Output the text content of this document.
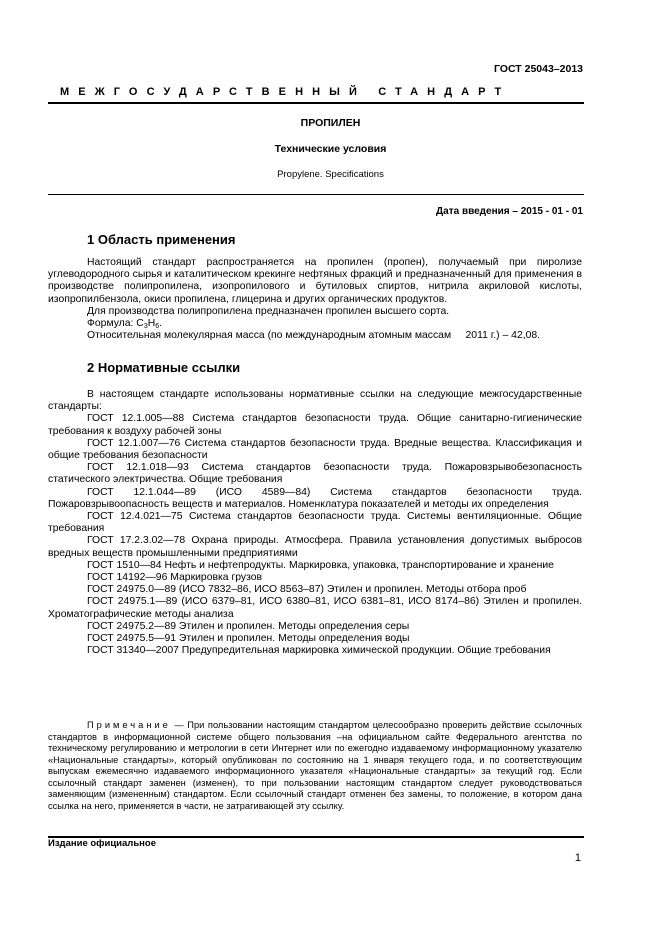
ГОСТ 25043–2013
МЕЖГОСУДАРСТВЕННЫЙ СТАНДАРТ
ПРОПИЛЕН
Технические условия
Propylene. Specifications
Дата введения – 2015 - 01 - 01
1 Область применения

Настоящий стандарт распространяется на пропилен (пропен), получаемый при пиролизе углеводородного сырья и каталитическом крекинге нефтяных фракций и предназначенный для применения в производстве полипропилена, изопропилового и бутиловых спиртов, нитрила акриловой кислоты, изопропилбензола, окиси пропилена, глицерина и других органических продуктов.

Для производства полипропилена предназначен пропилен высшего сорта.

Формула: $C_3H_6$.

Относительная молекулярная масса (по международным атомным массам     2011 г.) – 42,08.

2 Нормативные ссылки

В настоящем стандарте использованы нормативные ссылки на следующие межгосударственные стандарты:

ГОСТ 12.1.005—88 Система стандартов безопасности труда. Общие санитарно-гигиенические требования к воздуху рабочей зоны

ГОСТ 12.1.007—76 Система стандартов безопасности труда. Вредные вещества. Классификация и общие требования безопасности

ГОСТ 12.1.018—93 Система стандартов безопасности труда. Пожаровзрывобезопасность статического электричества. Общие требования

ГОСТ 12.1.044—89 (ИСО 4589—84) Система стандартов безопасности труда. Пожаровзрывоопасность веществ и материалов. Номенклатура показателей и методы их определения

ГОСТ 12.4.021—75 Система стандартов безопасности труда. Системы вентиляционные. Общие требования

ГОСТ 17.2.3.02—78 Охрана природы. Атмосфера. Правила установления допустимых выбросов вредных веществ промышленными предприятиями

ГОСТ 1510—84 Нефть и нефтепродукты. Маркировка, упаковка, транспортирование и хранение

ГОСТ 14192—96 Маркировка грузов

ГОСТ 24975.0—89 (ИСО 7832–86, ИСО 8563–87) Этилен и пропилен. Методы отбора проб

ГОСТ 24975.1—89 (ИСО 6379–81, ИСО 6380–81, ИСО 6381–81, ИСО 8174–86) Этилен и пропилен. Хроматографические методы анализа

ГОСТ 24975.2—89 Этилен и пропилен. Методы определения серы

ГОСТ 24975.5—91 Этилен и пропилен. Методы определения воды

ГОСТ 31340—2007 Предупредительная маркировка химической продукции. Общие требования

Примечание — При пользовании настоящим стандартом целесообразно проверить действие ссылочных стандартов в информационной системе общего пользования –на официальном сайте Федерального агентства по техническому регулированию и метрологии в сети Интернет или по ежегодно издаваемому информационному указателю «Национальные стандарты», который опубликован по состоянию на 1 января текущего года, и по соответствующим выпускам ежемесячно издаваемого информационного указателя «Национальные стандарты» за текущий год. Если ссылочный стандарт заменен (изменен), то при пользовании настоящим стандартом следует руководствоваться заменяющим (измененным) стандартом. Если ссылочный стандарт отменен без замены, то положение, в котором дана ссылка на него, применяется в части, не затрагивающей эту ссылку.

Издание официальное
1
